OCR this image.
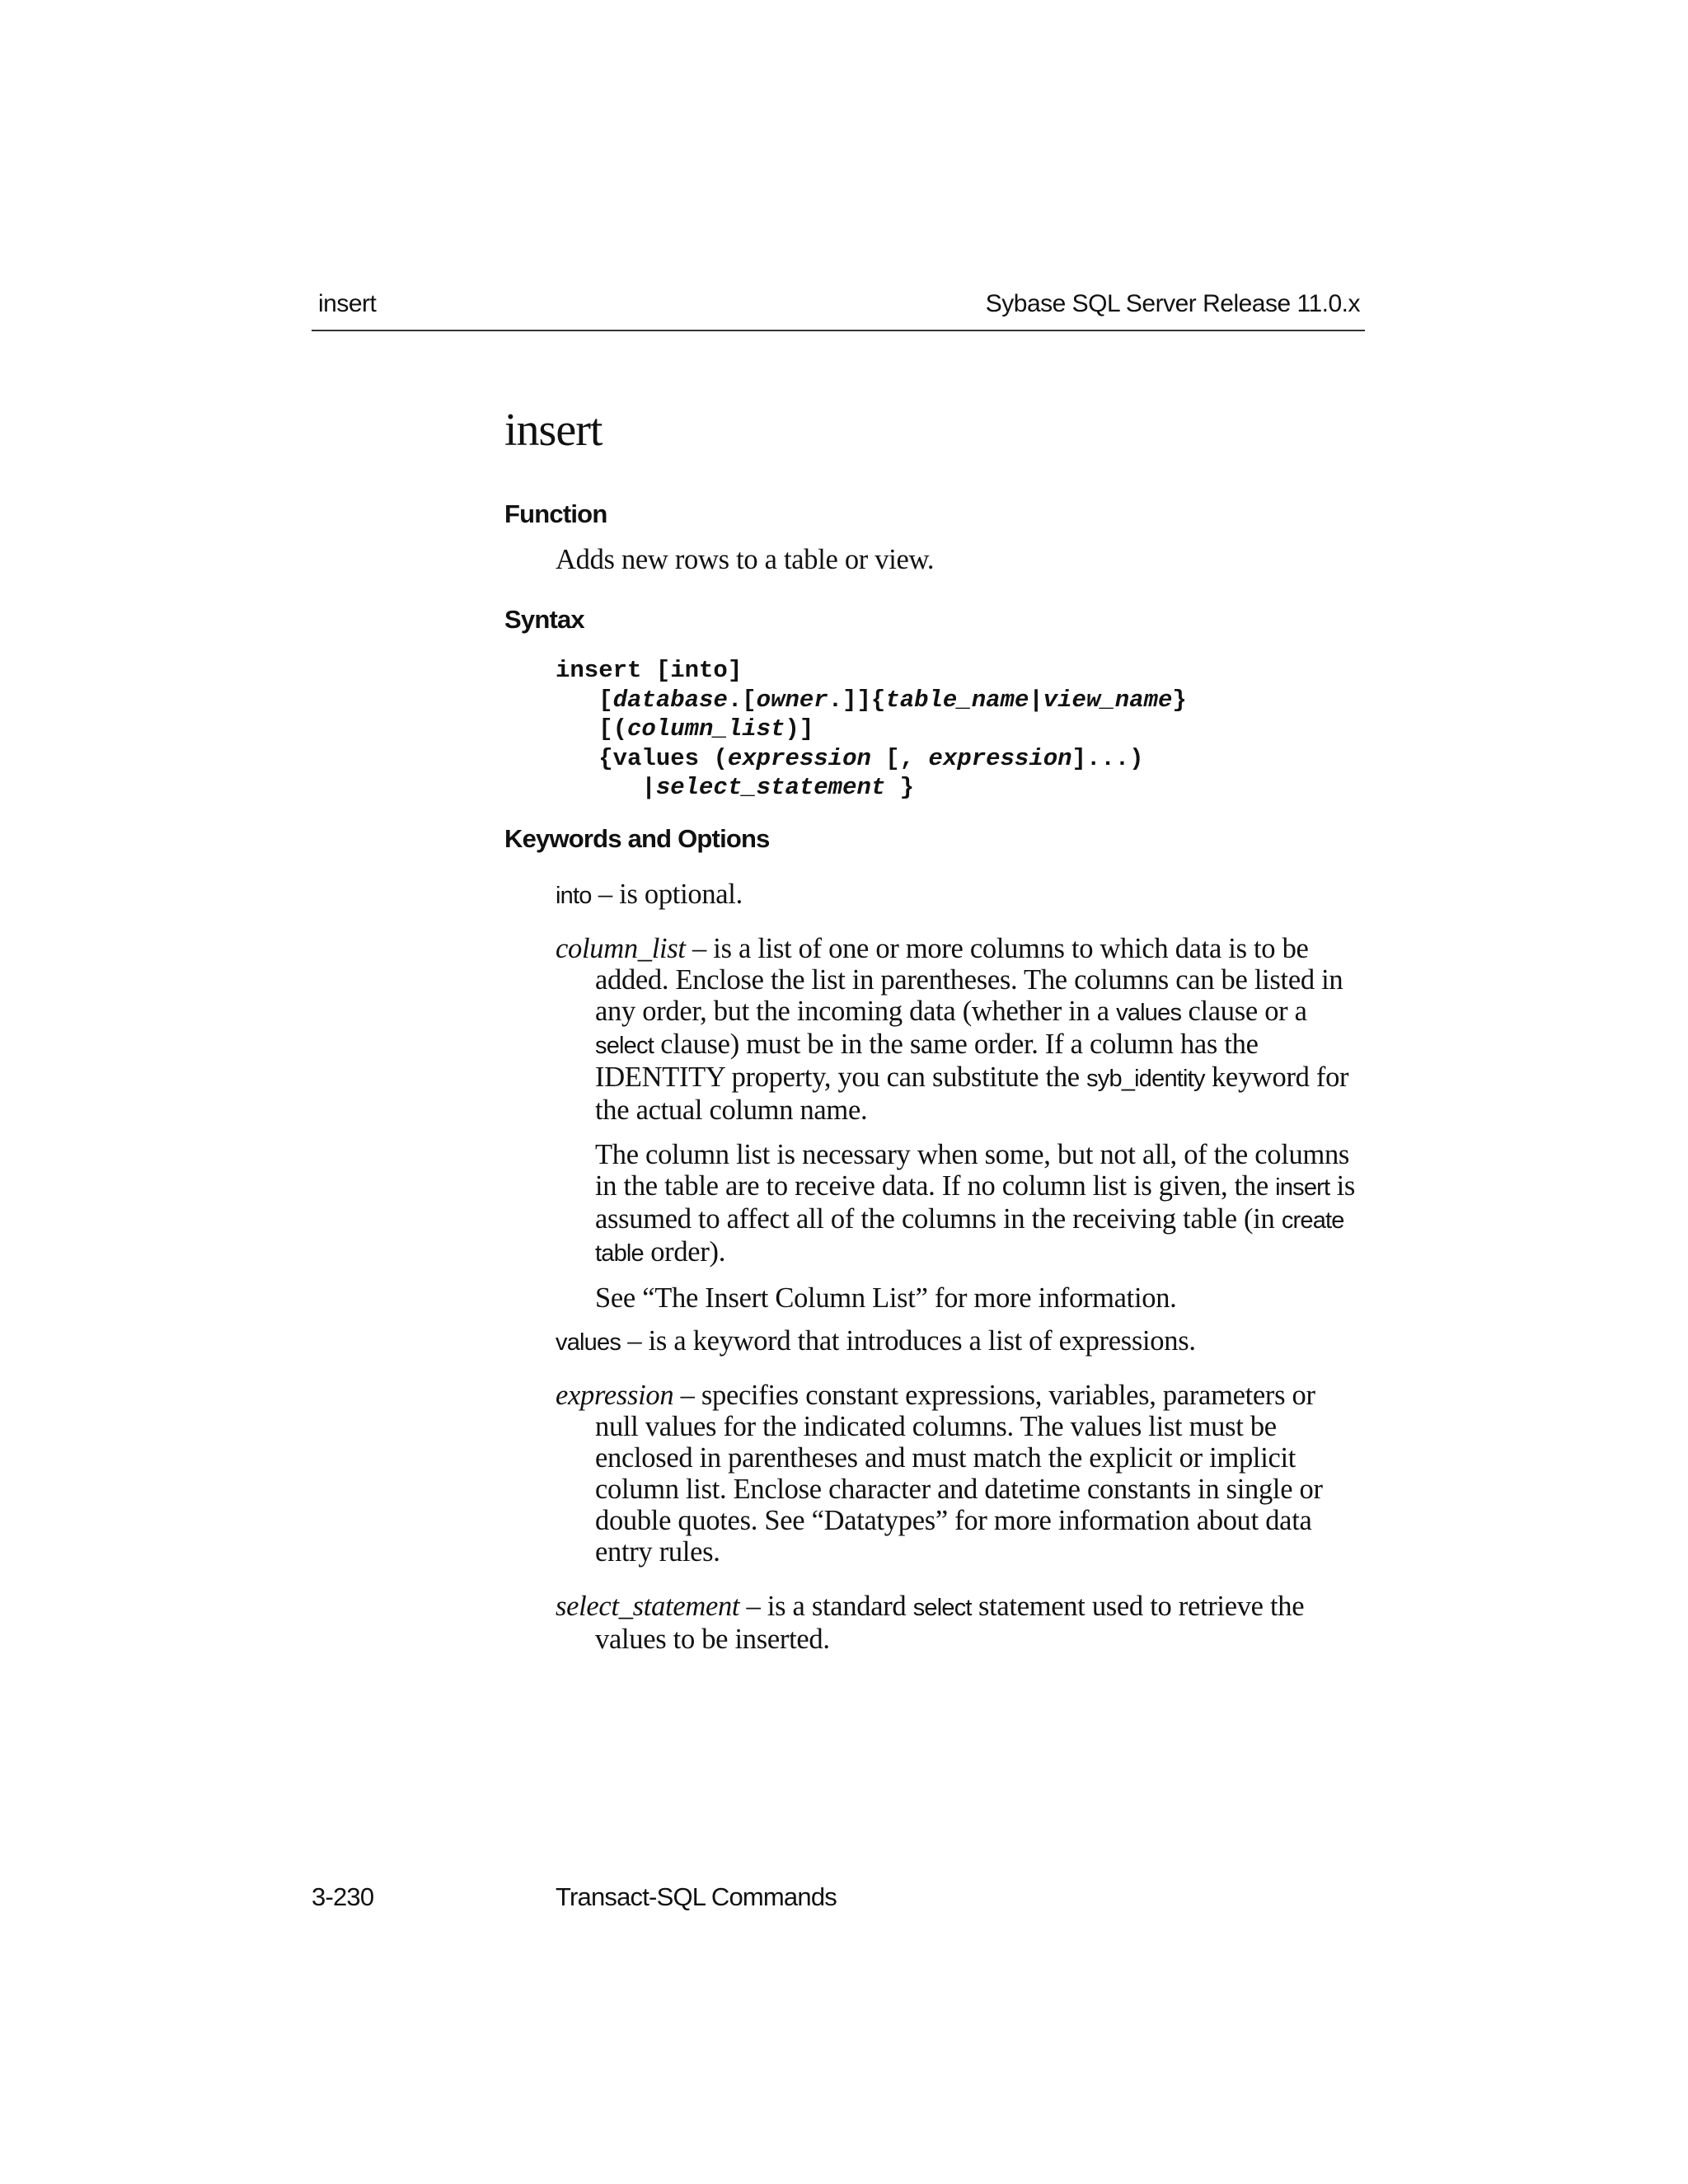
insert	Sybase SQL Server Release 11.0.x
insert
Function
Adds new rows to a table or view.
Syntax
insert [into]
[database.[owner.]]{table_name|view_name}
[(column_list)]
{values (expression [, expression]...)
|select_statement }
Keywords and Options
into – is optional.
column_list – is a list of one or more columns to which data is to be added. Enclose the list in parentheses. The columns can be listed in any order, but the incoming data (whether in a values clause or a select clause) must be in the same order. If a column has the IDENTITY property, you can substitute the syb_identity keyword for the actual column name.
The column list is necessary when some, but not all, of the columns in the table are to receive data. If no column list is given, the insert is assumed to affect all of the columns in the receiving table (in create table order).
See “The Insert Column List” for more information.
values – is a keyword that introduces a list of expressions.
expression – specifies constant expressions, variables, parameters or null values for the indicated columns. The values list must be enclosed in parentheses and must match the explicit or implicit column list. Enclose character and datetime constants in single or double quotes. See “Datatypes” for more information about data entry rules.
select_statement – is a standard select statement used to retrieve the values to be inserted.
3-230	Transact-SQL Commands
